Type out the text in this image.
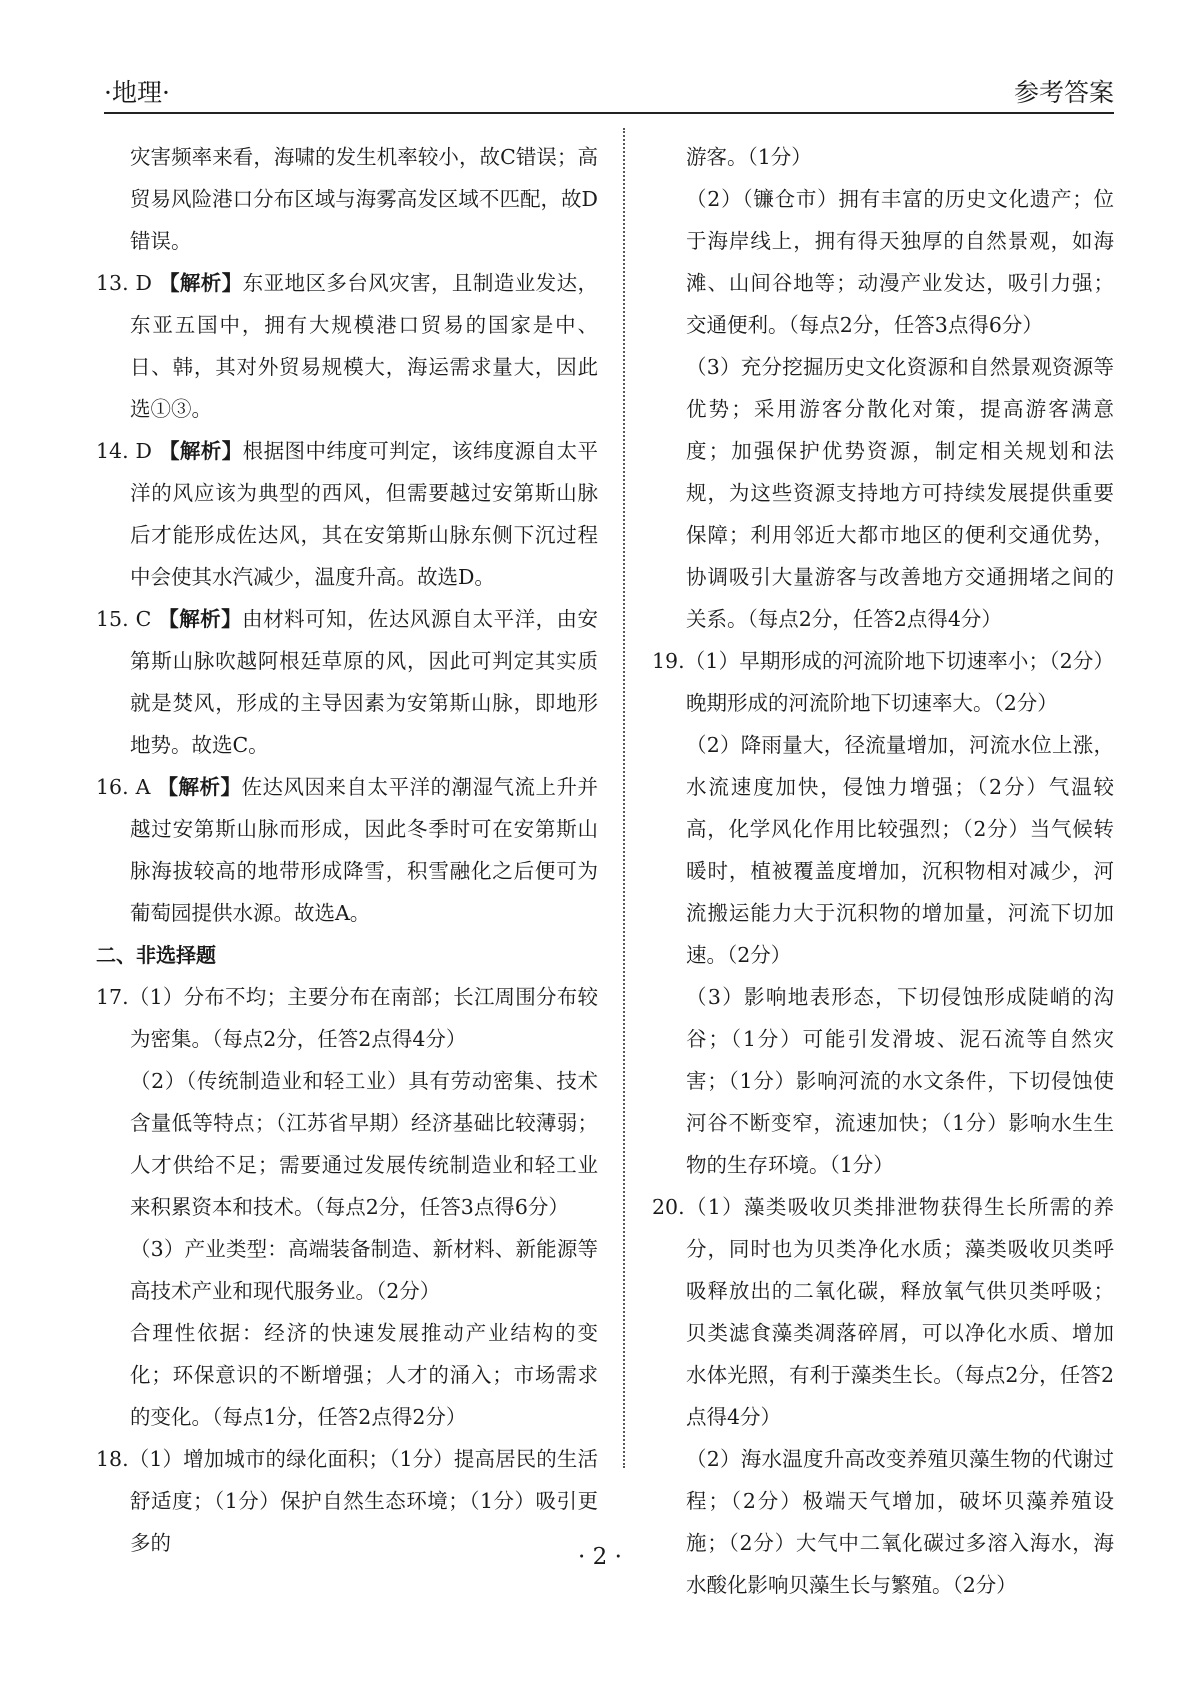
·地理·	参考答案

灾害频率来看，海啸的发生机率较小，故C错误；高贸易风险港口分布区域与海雾高发区域不匹配，故D错误。

13. D 【解析】东亚地区多台风灾害，且制造业发达，东亚五国中，拥有大规模港口贸易的国家是中、日、韩，其对外贸易规模大，海运需求量大，因此选①③。

14. D 【解析】根据图中纬度可判定，该纬度源自太平洋的风应该为典型的西风，但需要越过安第斯山脉后才能形成佐达风，其在安第斯山脉东侧下沉过程中会使其水汽减少，温度升高。故选D。

15. C 【解析】由材料可知，佐达风源自太平洋，由安第斯山脉吹越阿根廷草原的风，因此可判定其实质就是焚风，形成的主导因素为安第斯山脉，即地形地势。故选C。

16. A 【解析】佐达风因来自太平洋的潮湿气流上升并越过安第斯山脉而形成，因此冬季时可在安第斯山脉海拔较高的地带形成降雪，积雪融化之后便可为葡萄园提供水源。故选A。

二、非选择题

17.（1）分布不均；主要分布在南部；长江周围分布较为密集。（每点2分，任答2点得4分）

（2）（传统制造业和轻工业）具有劳动密集、技术含量低等特点；（江苏省早期）经济基础比较薄弱；人才供给不足；需要通过发展传统制造业和轻工业来积累资本和技术。（每点2分，任答3点得6分）

（3）产业类型：高端装备制造、新材料、新能源等高技术产业和现代服务业。（2分）

合理性依据：经济的快速发展推动产业结构的变化；环保意识的不断增强；人才的涌入；市场需求的变化。（每点1分，任答2点得2分）

18.（1）增加城市的绿化面积；（1分）提高居民的生活舒适度；（1分）保护自然生态环境；（1分）吸引更多的

游客。（1分）

（2）（镰仓市）拥有丰富的历史文化遗产；位于海岸线上，拥有得天独厚的自然景观，如海滩、山间谷地等；动漫产业发达，吸引力强；交通便利。（每点2分，任答3点得6分）

（3）充分挖掘历史文化资源和自然景观资源等优势；采用游客分散化对策，提高游客满意度；加强保护优势资源，制定相关规划和法规，为这些资源支持地方可持续发展提供重要保障；利用邻近大都市地区的便利交通优势，协调吸引大量游客与改善地方交通拥堵之间的关系。（每点2分，任答2点得4分）

19.（1）早期形成的河流阶地下切速率小；（2分）晚期形成的河流阶地下切速率大。（2分）

（2）降雨量大，径流量增加，河流水位上涨，水流速度加快，侵蚀力增强；（2分）气温较高，化学风化作用比较强烈；（2分）当气候转暖时，植被覆盖度增加，沉积物相对减少，河流搬运能力大于沉积物的增加量，河流下切加速。（2分）

（3）影响地表形态，下切侵蚀形成陡峭的沟谷；（1分）可能引发滑坡、泥石流等自然灾害；（1分）影响河流的水文条件，下切侵蚀使河谷不断变窄，流速加快；（1分）影响水生生物的生存环境。（1分）

20.（1）藻类吸收贝类排泄物获得生长所需的养分，同时也为贝类净化水质；藻类吸收贝类呼吸释放出的二氧化碳，释放氧气供贝类呼吸；贝类滤食藻类凋落碎屑，可以净化水质、增加水体光照，有利于藻类生长。（每点2分，任答2点得4分）

（2）海水温度升高改变养殖贝藻生物的代谢过程；（2分）极端天气增加，破坏贝藻养殖设施；（2分）大气中二氧化碳过多溶入海水，海水酸化影响贝藻生长与繁殖。（2分）

· 2 ·
